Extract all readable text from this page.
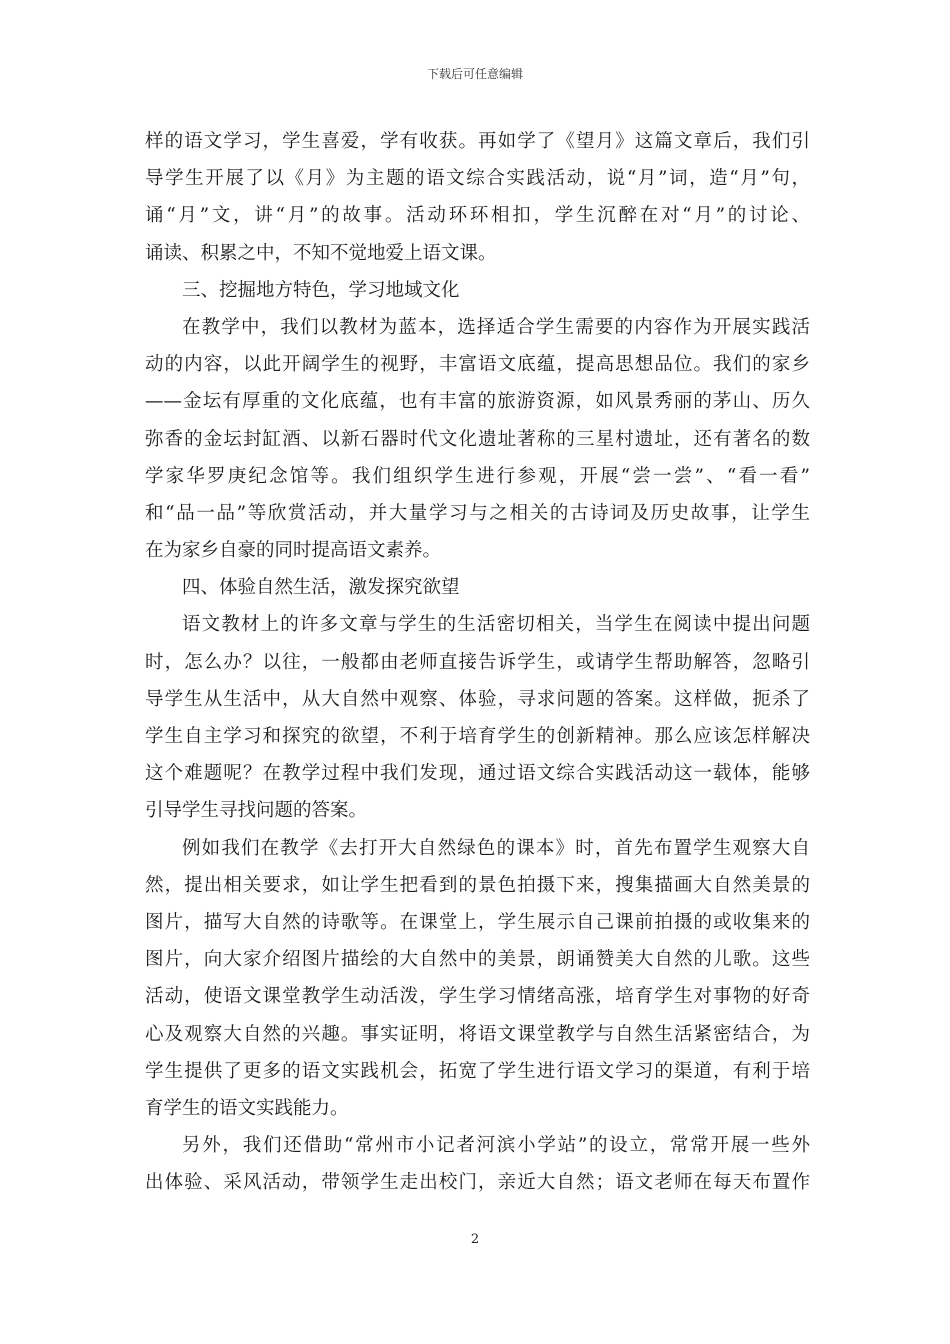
下载后可任意编辑
样的语文学习，学生喜爱，学有收获。再如学了《望月》这篇文章后，我们引
导学生开展了以《月》为主题的语文综合实践活动，说“月”词，造“月”句，
诵“月”文，讲“月”的故事。活动环环相扣，学生沉醉在对“月”的讨论、
诵读、积累之中，不知不觉地爱上语文课。
三、挖掘地方特色，学习地域文化
在教学中，我们以教材为蓝本，选择适合学生需要的内容作为开展实践活
动的内容，以此开阔学生的视野，丰富语文底蕴，提高思想品位。我们的家乡
——金坛有厚重的文化底蕴，也有丰富的旅游资源，如风景秀丽的茅山、历久
弥香的金坛封缸酒、以新石器时代文化遗址著称的三星村遗址，还有著名的数
学家华罗庚纪念馆等。我们组织学生进行参观，开展“尝一尝”、“看一看”
和“品一品”等欣赏活动，并大量学习与之相关的古诗词及历史故事，让学生
在为家乡自豪的同时提高语文素养。
四、体验自然生活，激发探究欲望
语文教材上的许多文章与学生的生活密切相关，当学生在阅读中提出问题
时，怎么办？以往，一般都由老师直接告诉学生，或请学生帮助解答，忽略引
导学生从生活中，从大自然中观察、体验，寻求问题的答案。这样做，扼杀了
学生自主学习和探究的欲望，不利于培育学生的创新精神。那么应该怎样解决
这个难题呢？在教学过程中我们发现，通过语文综合实践活动这一载体，能够
引导学生寻找问题的答案。
例如我们在教学《去打开大自然绿色的课本》时，首先布置学生观察大自
然，提出相关要求，如让学生把看到的景色拍摄下来，搜集描画大自然美景的
图片，描写大自然的诗歌等。在课堂上，学生展示自己课前拍摄的或收集来的
图片，向大家介绍图片描绘的大自然中的美景，朗诵赞美大自然的儿歌。这些
活动，使语文课堂教学生动活泼，学生学习情绪高涨，培育学生对事物的好奇
心及观察大自然的兴趣。事实证明，将语文课堂教学与自然生活紧密结合，为
学生提供了更多的语文实践机会，拓宽了学生进行语文学习的渠道，有利于培
育学生的语文实践能力。
另外，我们还借助“常州市小记者河滨小学站”的设立，常常开展一些外
出体验、采风活动，带领学生走出校门，亲近大自然；语文老师在每天布置作
2
